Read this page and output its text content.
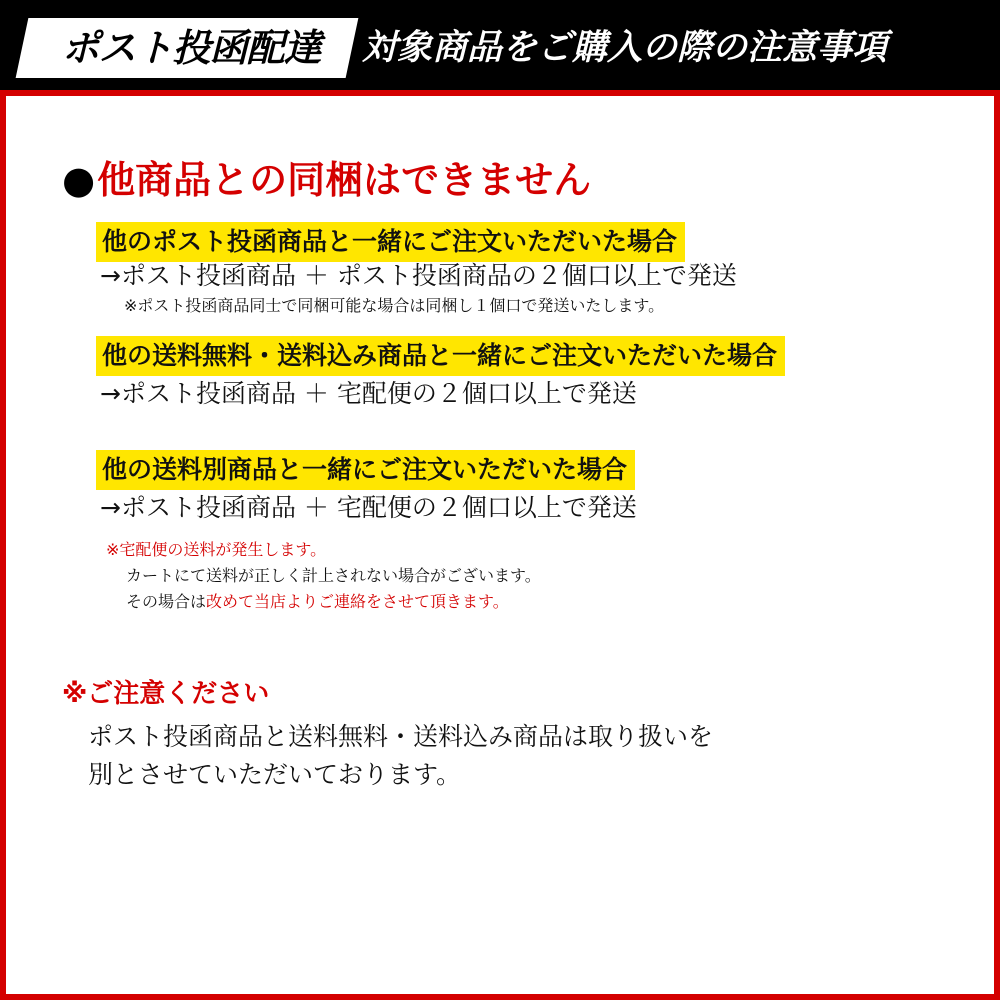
ポスト投函配達	対象商品をご購入の際の注意事項
●他商品との同梱はできません
他のポスト投函商品と一緒にご注文いただいた場合
→ポスト投函商品 ＋ ポスト投函商品の２個口以上で発送
※ポスト投函商品同士で同梱可能な場合は同梱し１個口で発送いたします。
他の送料無料・送料込み商品と一緒にご注文いただいた場合
→ポスト投函商品 ＋ 宅配便の２個口以上で発送
他の送料別商品と一緒にご注文いただいた場合
→ポスト投函商品 ＋ 宅配便の２個口以上で発送
※宅配便の送料が発生します。
カートにて送料が正しく計上されない場合がございます。
その場合は改めて当店よりご連絡をさせて頂きます。
※ご注意ください
ポスト投函商品と送料無料・送料込み商品は取り扱いを
別とさせていただいております。
